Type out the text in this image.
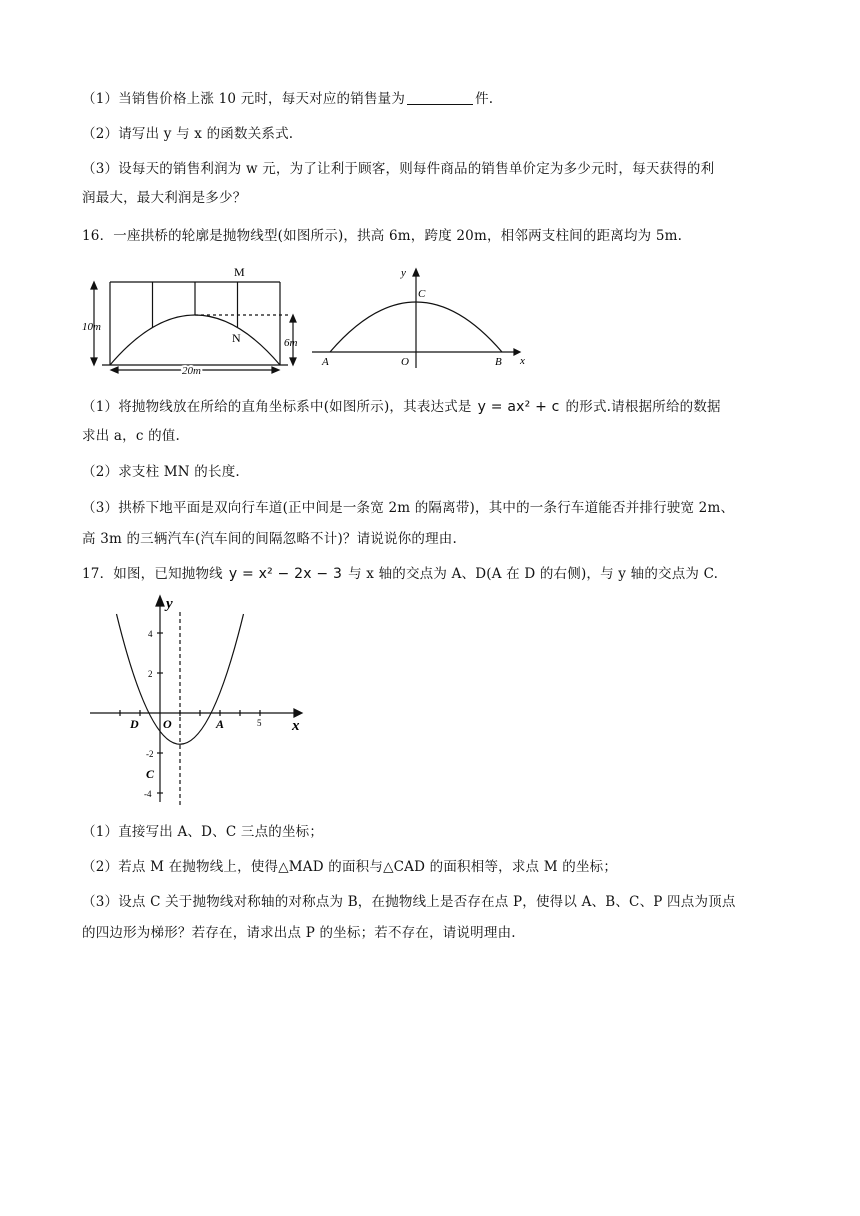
（1）当销售价格上涨 10 元时，每天对应的销售量为	件.
（2）请写出 y 与 x 的函数关系式.
（3）设每天的销售利润为 w 元，为了让利于顾客，则每件商品的销售单价定为多少元时，每天获得的利
润最大，最大利润是多少？
16．一座拱桥的轮廓是抛物线型(如图所示)，拱高 6m，跨度 20m，相邻两支柱间的距离均为 5m.
M
N
10m
6m
20m
y
x
C
A	O	B
（1）将抛物线放在所给的直角坐标系中(如图所示)，其表达式是 y = ax² + c 的形式.请根据所给的数据
求出 a，c 的值.
（2）求支柱 MN 的长度.
（3）拱桥下地平面是双向行车道(正中间是一条宽 2m 的隔离带)，其中的一条行车道能否并排行驶宽 2m、
高 3m 的三辆汽车(汽车间的间隔忽略不计)？请说说你的理由.
17．如图，已知抛物线 y = x² − 2x − 3 与 x 轴的交点为 A、D(A 在 D 的右侧)，与 y 轴的交点为 C.
y
x
O
D	A
C
4
2
-2
-4
5
（1）直接写出 A、D、C 三点的坐标；
（2）若点 M 在抛物线上，使得△MAD 的面积与△CAD 的面积相等，求点 M 的坐标；
（3）设点 C 关于抛物线对称轴的对称点为 B，在抛物线上是否存在点 P，使得以 A、B、C、P 四点为顶点
的四边形为梯形？若存在，请求出点 P 的坐标；若不存在，请说明理由.
